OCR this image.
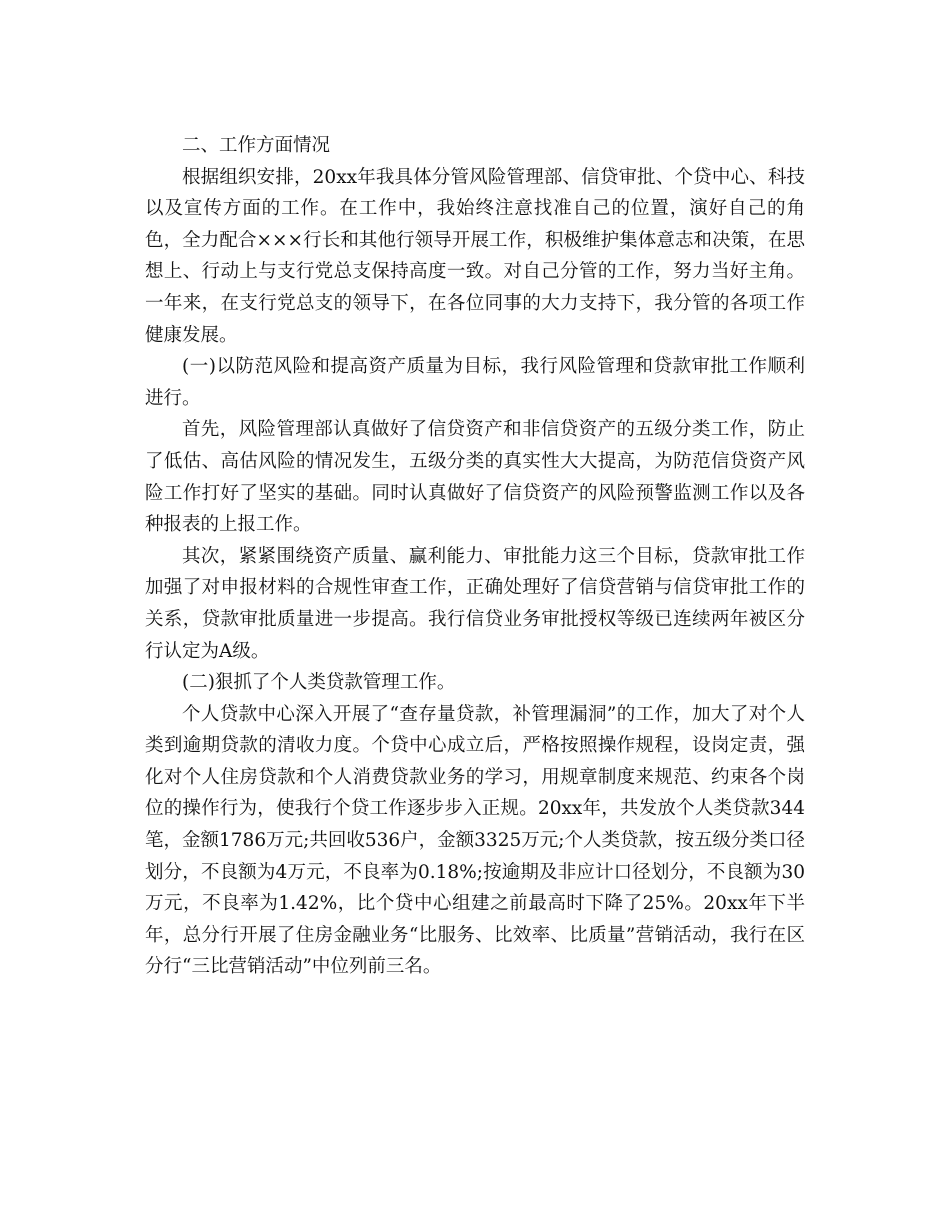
二、工作方面情况

根据组织安排，20xx年我具体分管风险管理部、信贷审批、个贷中心、科技以及宣传方面的工作。在工作中，我始终注意找准自己的位置，演好自己的角色，全力配合×××行长和其他行领导开展工作，积极维护集体意志和决策，在思想上、行动上与支行党总支保持高度一致。对自己分管的工作，努力当好主角。一年来，在支行党总支的领导下，在各位同事的大力支持下，我分管的各项工作健康发展。

(一)以防范风险和提高资产质量为目标，我行风险管理和贷款审批工作顺利进行。

首先，风险管理部认真做好了信贷资产和非信贷资产的五级分类工作，防止了低估、高估风险的情况发生，五级分类的真实性大大提高，为防范信贷资产风险工作打好了坚实的基础。同时认真做好了信贷资产的风险预警监测工作以及各种报表的上报工作。

其次，紧紧围绕资产质量、赢利能力、审批能力这三个目标，贷款审批工作加强了对申报材料的合规性审查工作，正确处理好了信贷营销与信贷审批工作的关系，贷款审批质量进一步提高。我行信贷业务审批授权等级已连续两年被区分行认定为A级。

(二)狠抓了个人类贷款管理工作。

个人贷款中心深入开展了“查存量贷款，补管理漏洞”的工作，加大了对个人类到逾期贷款的清收力度。个贷中心成立后，严格按照操作规程，设岗定责，强化对个人住房贷款和个人消费贷款业务的学习，用规章制度来规范、约束各个岗位的操作行为，使我行个贷工作逐步步入正规。20xx年，共发放个人类贷款344笔，金额1786万元;共回收536户，金额3325万元;个人类贷款，按五级分类口径划分，不良额为4万元，不良率为0.18%;按逾期及非应计口径划分，不良额为30万元，不良率为1.42%，比个贷中心组建之前最高时下降了25%。20xx年下半年，总分行开展了住房金融业务“比服务、比效率、比质量”营销活动，我行在区分行“三比营销活动”中位列前三名。
